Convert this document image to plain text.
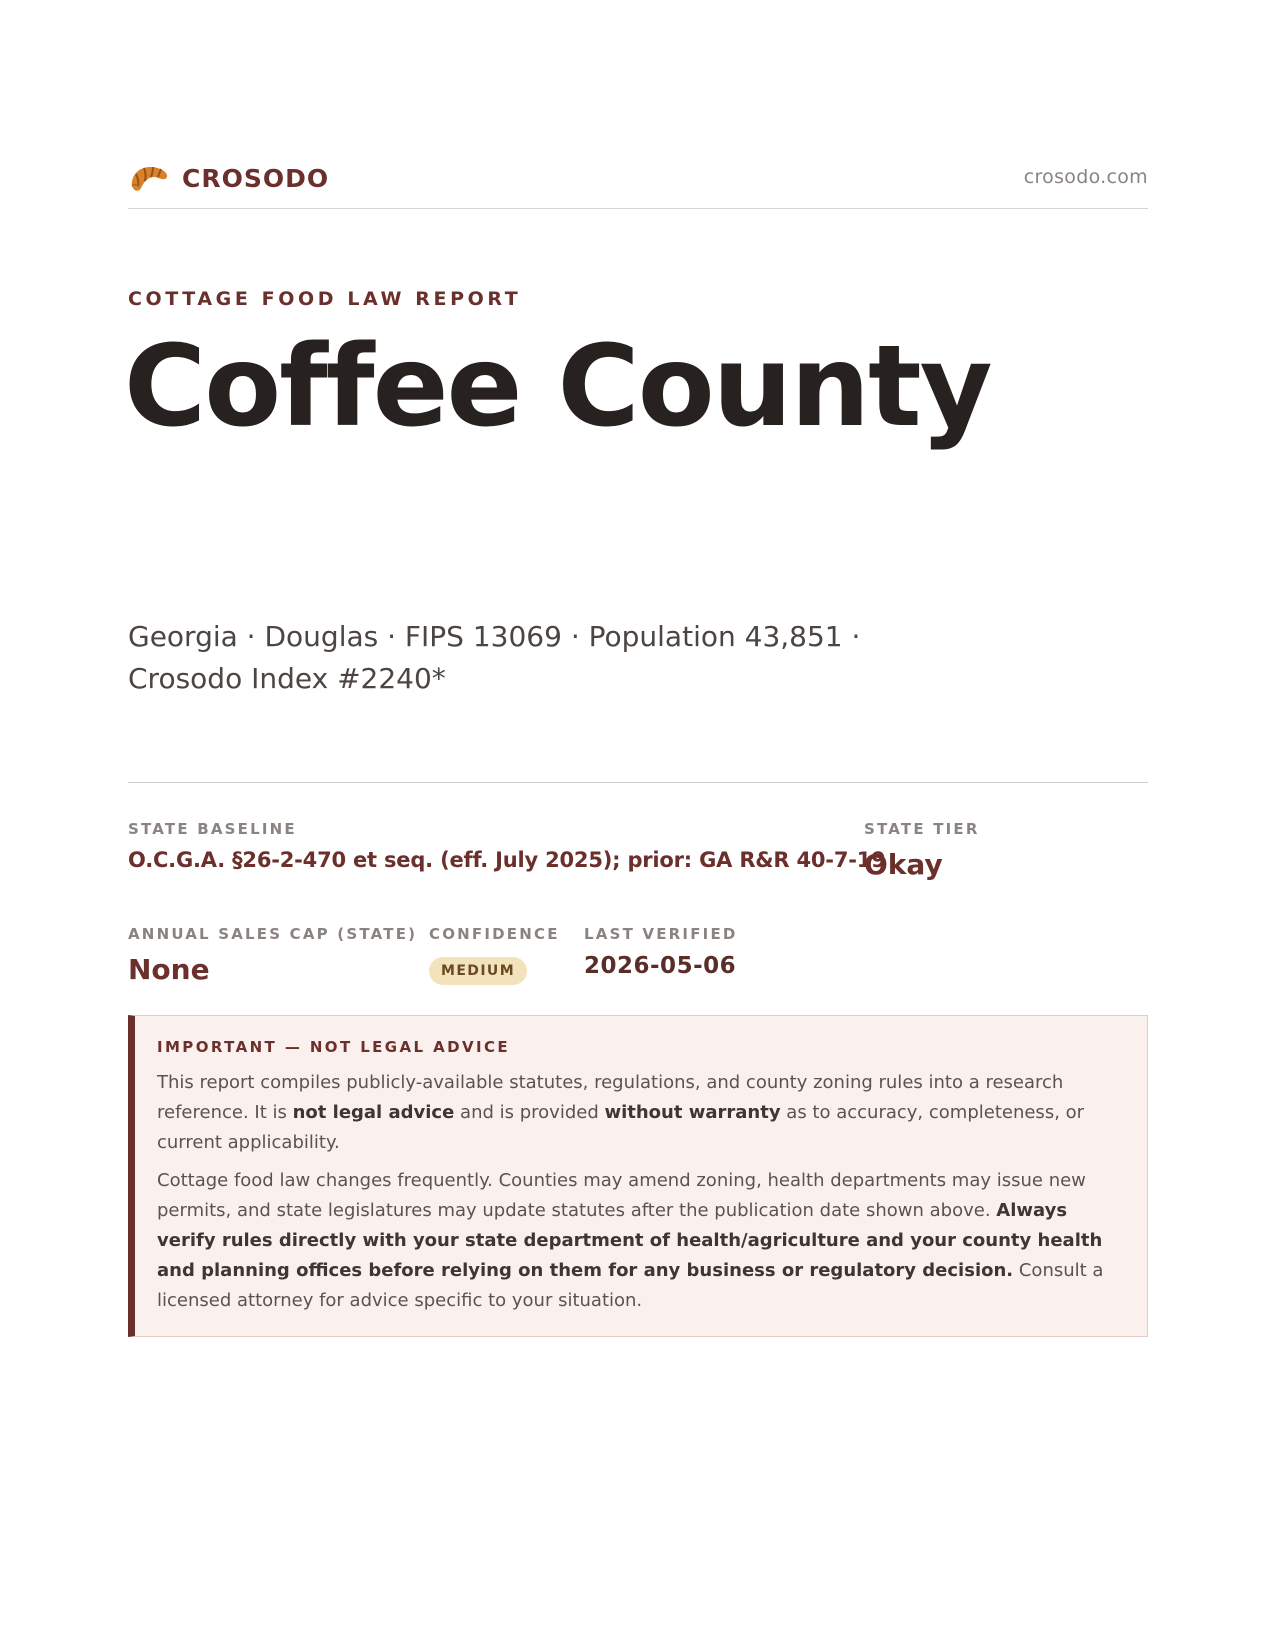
CROSODO	crosodo.com
COTTAGE FOOD LAW REPORT
Coffee County
Georgia · Douglas · FIPS 13069 · Population 43,851 · Crosodo Index #2240*
STATE BASELINE
O.C.G.A. §26-2-470 et seq. (eff. July 2025); prior: GA R&R 40-7-19
STATE TIER
Okay
ANNUAL SALES CAP (STATE)
None
CONFIDENCE
MEDIUM
LAST VERIFIED
2026-05-06
IMPORTANT — NOT LEGAL ADVICE

This report compiles publicly-available statutes, regulations, and county zoning rules into a research reference. It is not legal advice and is provided without warranty as to accuracy, completeness, or current applicability.

Cottage food law changes frequently. Counties may amend zoning, health departments may issue new permits, and state legislatures may update statutes after the publication date shown above. Always verify rules directly with your state department of health/agriculture and your county health and planning offices before relying on them for any business or regulatory decision. Consult a licensed attorney for advice specific to your situation.
